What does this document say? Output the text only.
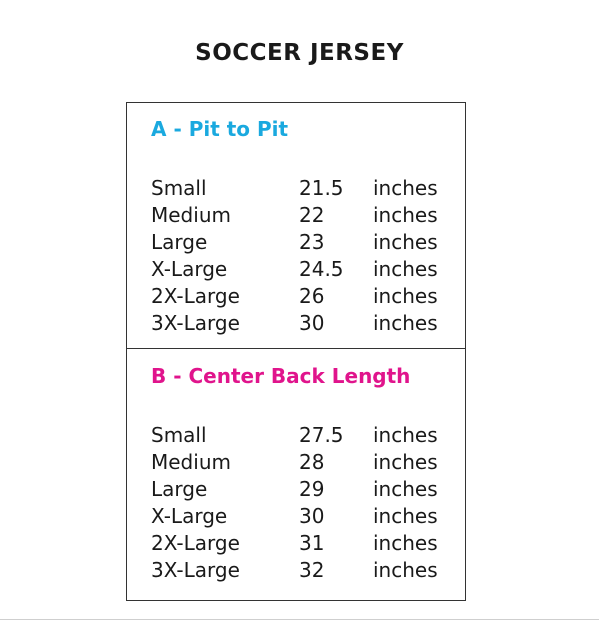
SOCCER JERSEY
A - Pit to Pit
Small	21.5 inches
Medium	22 inches
Large	23 inches
X-Large	24.5 inches
2X-Large	26 inches
3X-Large	30 inches
B - Center Back Length
Small	27.5 inches
Medium	28 inches
Large	29 inches
X-Large	30 inches
2X-Large	31 inches
3X-Large	32 inches
